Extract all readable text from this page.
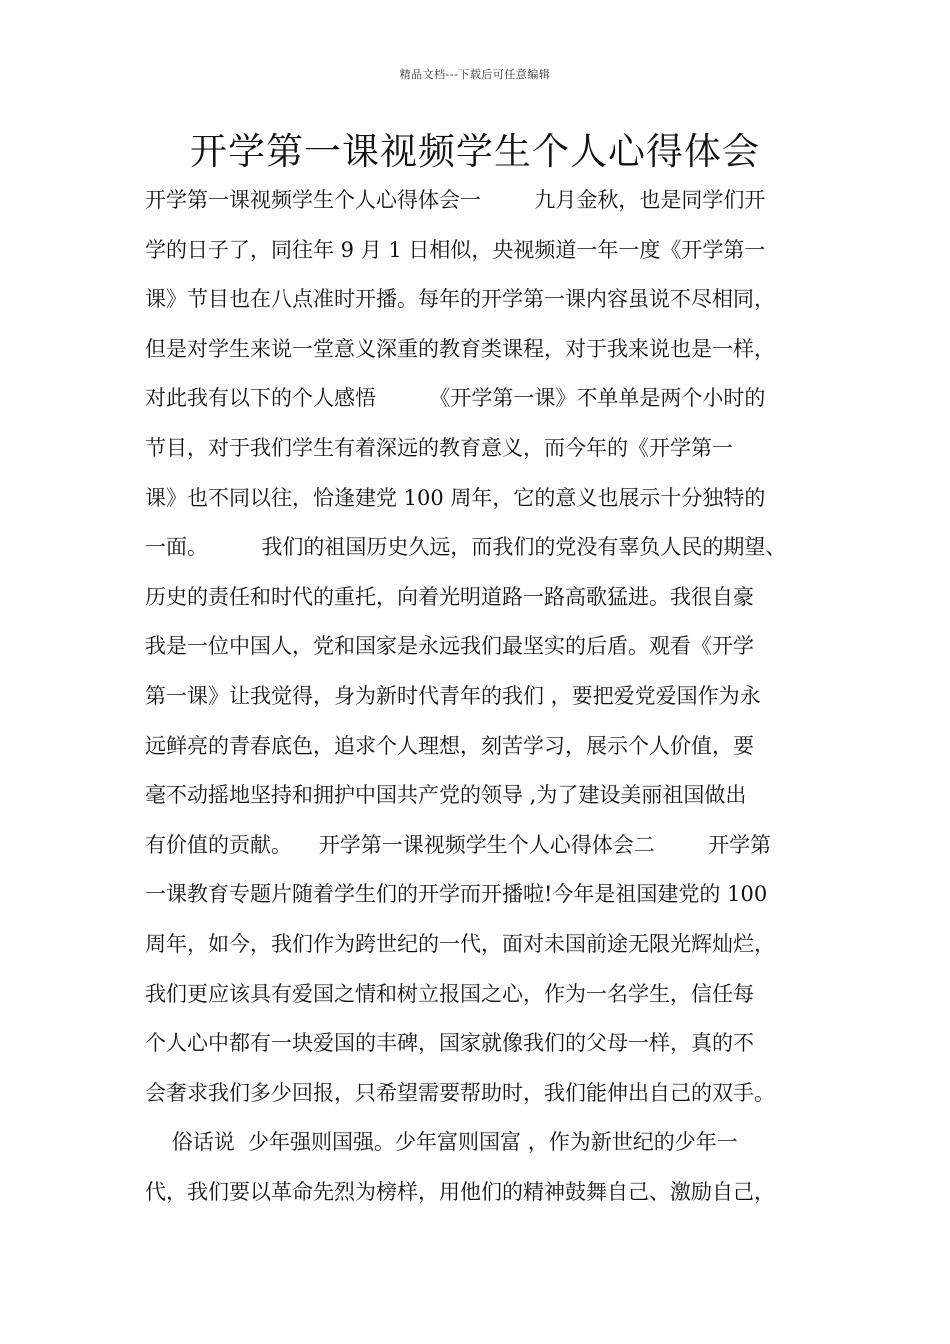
精品文档---下载后可任意编辑
开学第一课视频学生个人心得体会
开学第一课视频学生个人心得体会一        九月金秋，也是同学们开
学的日子了，同往年 9 月 1 日相似，央视频道一年一度《开学第一
课》节目也在八点准时开播。每年的开学第一课内容虽说不尽相同，
但是对学生来说一堂意义深重的教育类课程，对于我来说也是一样，
对此我有以下的个人感悟        《开学第一课》不单单是两个小时的
节目，对于我们学生有着深远的教育意义，而今年的《开学第一
课》也不同以往，恰逢建党 100 周年，它的意义也展示十分独特的
一面。        我们的祖国历史久远，而我们的党没有辜负人民的期望、
历史的责任和时代的重托，向着光明道路一路高歌猛进。我很自豪
我是一位中国人，党和国家是永远我们最坚实的后盾。观看《开学
第一课》让我觉得，身为新时代青年的我们 ，要把爱党爱国作为永
远鲜亮的青春底色，追求个人理想，刻苦学习，展示个人价值，要
毫不动摇地坚持和拥护中国共产党的领导 ,为了建设美丽祖国做出
有价值的贡献。    开学第一课视频学生个人心得体会二        开学第
一课教育专题片随着学生们的开学而开播啦!今年是祖国建党的 100
周年，如今，我们作为跨世纪的一代，面对未国前途无限光辉灿烂，
我们更应该具有爱国之情和树立报国之心，作为一名学生，信任每
个人心中都有一块爱国的丰碑，国家就像我们的父母一样，真的不
会奢求我们多少回报，只希望需要帮助时，我们能伸出自己的双手。
俗话说  少年强则国强。少年富则国富 ，作为新世纪的少年一
代，我们要以革命先烈为榜样，用他们的精神鼓舞自己、激励自己，
